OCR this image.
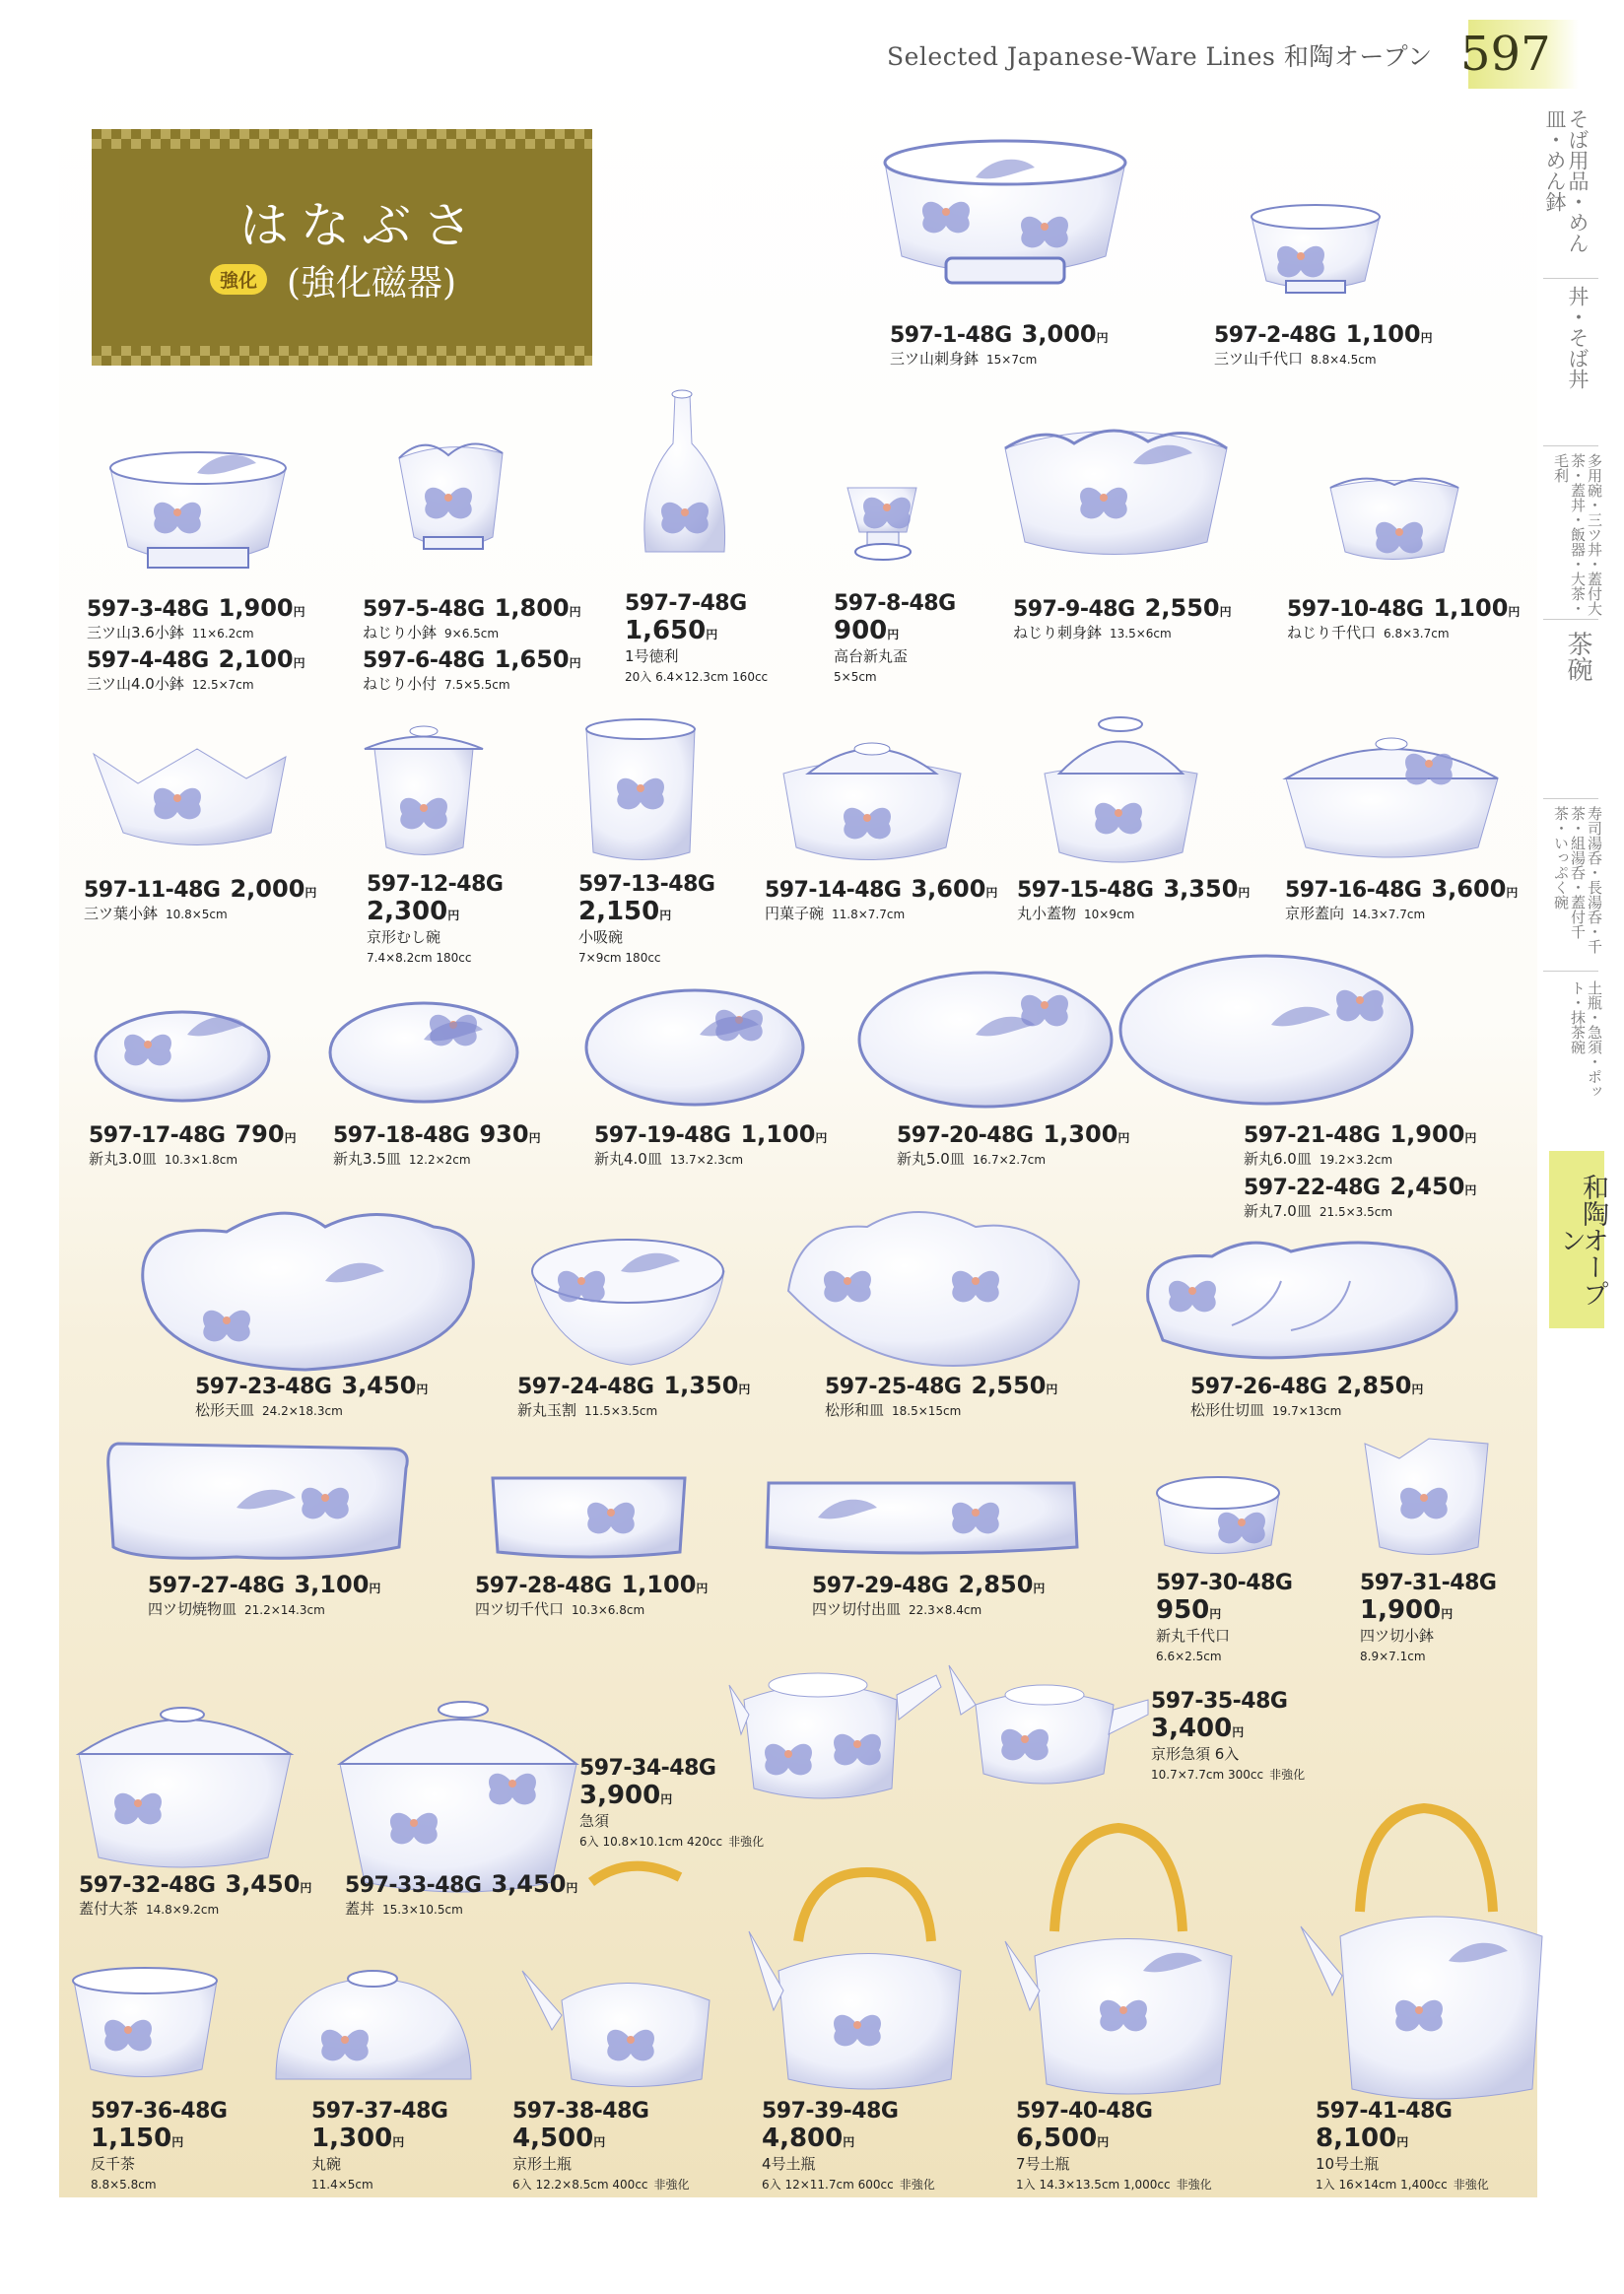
Selected Japanese-Ware Lines 和陶オープン 597
はなぶさ
強化 (強化磁器)
そば用品・めん皿・めん鉢
丼・そば丼
多用碗・三ツ丼・蓋付大茶・蓋丼・飯器・大茶・毛利
茶碗
寿司湯呑・長湯呑・千茶・組湯呑・蓋付千茶・いっぷく碗
土瓶・急須・ポット・抹茶碗
和陶オープン
597-1-48G 3,000円
三ツ山刺身鉢 15×7cm
597-2-48G 1,100円
三ツ山千代口 8.8×4.5cm
597-3-48G 1,900円
三ツ山3.6小鉢 11×6.2cm
597-4-48G 2,100円
三ツ山4.0小鉢 12.5×7cm
597-5-48G 1,800円
ねじり小鉢 9×6.5cm
597-6-48G 1,650円
ねじり小付 7.5×5.5cm
597-7-48G
1,650円
1号徳利
20入 6.4×12.3cm 160cc
597-8-48G
900円
高台新丸盃
5×5cm
597-9-48G 2,550円
ねじり刺身鉢 13.5×6cm
597-10-48G 1,100円
ねじり千代口 6.8×3.7cm
597-11-48G 2,000円
三ツ葉小鉢 10.8×5cm
597-12-48G
2,300円
京形むし碗
7.4×8.2cm 180cc
597-13-48G
2,150円
小吸碗
7×9cm 180cc
597-14-48G 3,600円
円菓子碗 11.8×7.7cm
597-15-48G 3,350円
丸小蓋物 10×9cm
597-16-48G 3,600円
京形蓋向 14.3×7.7cm
597-17-48G 790円
新丸3.0皿 10.3×1.8cm
597-18-48G 930円
新丸3.5皿 12.2×2cm
597-19-48G 1,100円
新丸4.0皿 13.7×2.3cm
597-20-48G 1,300円
新丸5.0皿 16.7×2.7cm
597-21-48G 1,900円
新丸6.0皿 19.2×3.2cm
597-22-48G 2,450円
新丸7.0皿 21.5×3.5cm
597-23-48G 3,450円
松形天皿 24.2×18.3cm
597-24-48G 1,350円
新丸玉割 11.5×3.5cm
597-25-48G 2,550円
松形和皿 18.5×15cm
597-26-48G 2,850円
松形仕切皿 19.7×13cm
597-27-48G 3,100円
四ツ切焼物皿 21.2×14.3cm
597-28-48G 1,100円
四ツ切千代口 10.3×6.8cm
597-29-48G 2,850円
四ツ切付出皿 22.3×8.4cm
597-30-48G
950円
新丸千代口
6.6×2.5cm
597-31-48G
1,900円
四ツ切小鉢
8.9×7.1cm
597-32-48G 3,450円
蓋付大茶 14.8×9.2cm
597-33-48G 3,450円
蓋丼 15.3×10.5cm
597-34-48G
3,900円
急須
6入 10.8×10.1cm 420cc 非強化
597-35-48G
3,400円
京形急須 6入
10.7×7.7cm 300cc 非強化
597-36-48G
1,150円
反千茶
8.8×5.8cm
597-37-48G
1,300円
丸碗
11.4×5cm
597-38-48G
4,500円
京形土瓶
6入 12.2×8.5cm 400cc 非強化
597-39-48G
4,800円
4号土瓶
6入 12×11.7cm 600cc 非強化
597-40-48G
6,500円
7号土瓶
1入 14.3×13.5cm 1,000cc 非強化
597-41-48G
8,100円
10号土瓶
1入 16×14cm 1,400cc 非強化
